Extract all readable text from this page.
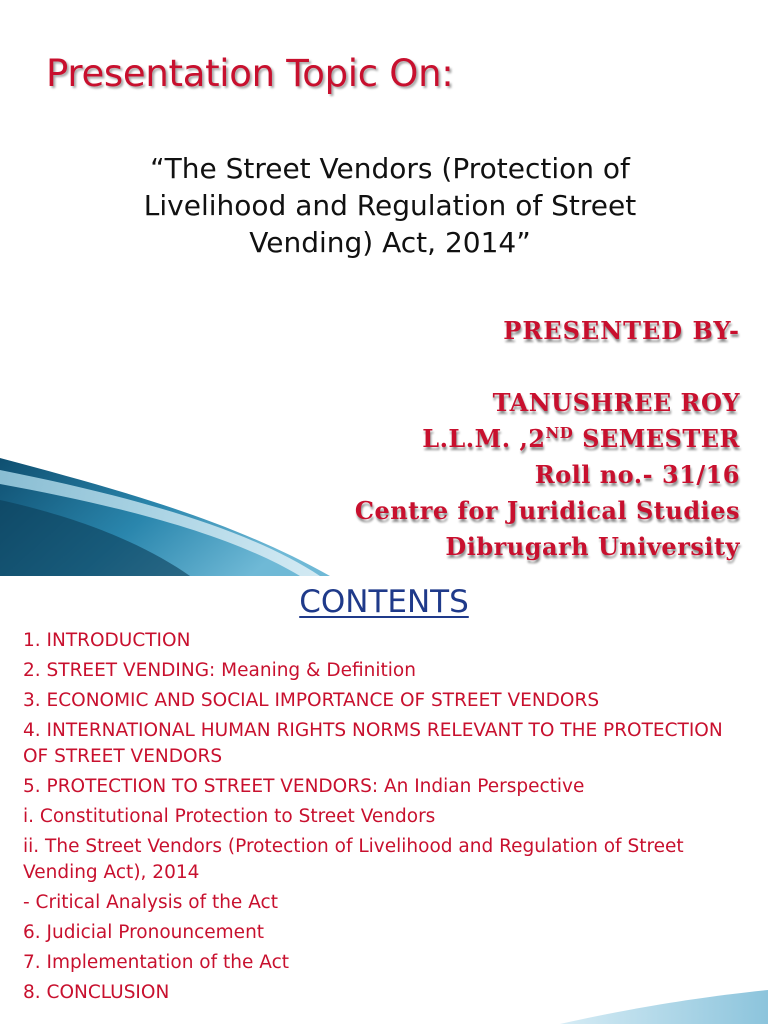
Presentation Topic On:
“The Street Vendors (Protection of
Livelihood and Regulation of Street
Vending) Act, 2014”
PRESENTED BY-
TANUSHREE ROY
L.L.M. ,2ND SEMESTER
Roll no.- 31/16
Centre for Juridical Studies
Dibrugarh University
CONTENTS
1. INTRODUCTION
2. STREET VENDING: Meaning & Definition
3. ECONOMIC AND SOCIAL IMPORTANCE OF STREET VENDORS
4. INTERNATIONAL HUMAN RIGHTS NORMS RELEVANT TO THE PROTECTION OF STREET VENDORS
5. PROTECTION TO STREET VENDORS: An Indian Perspective
i. Constitutional Protection to Street Vendors
ii. The Street Vendors (Protection of Livelihood and Regulation of Street Vending Act), 2014
- Critical Analysis of the Act
6. Judicial Pronouncement
7. Implementation of the Act
8. CONCLUSION
